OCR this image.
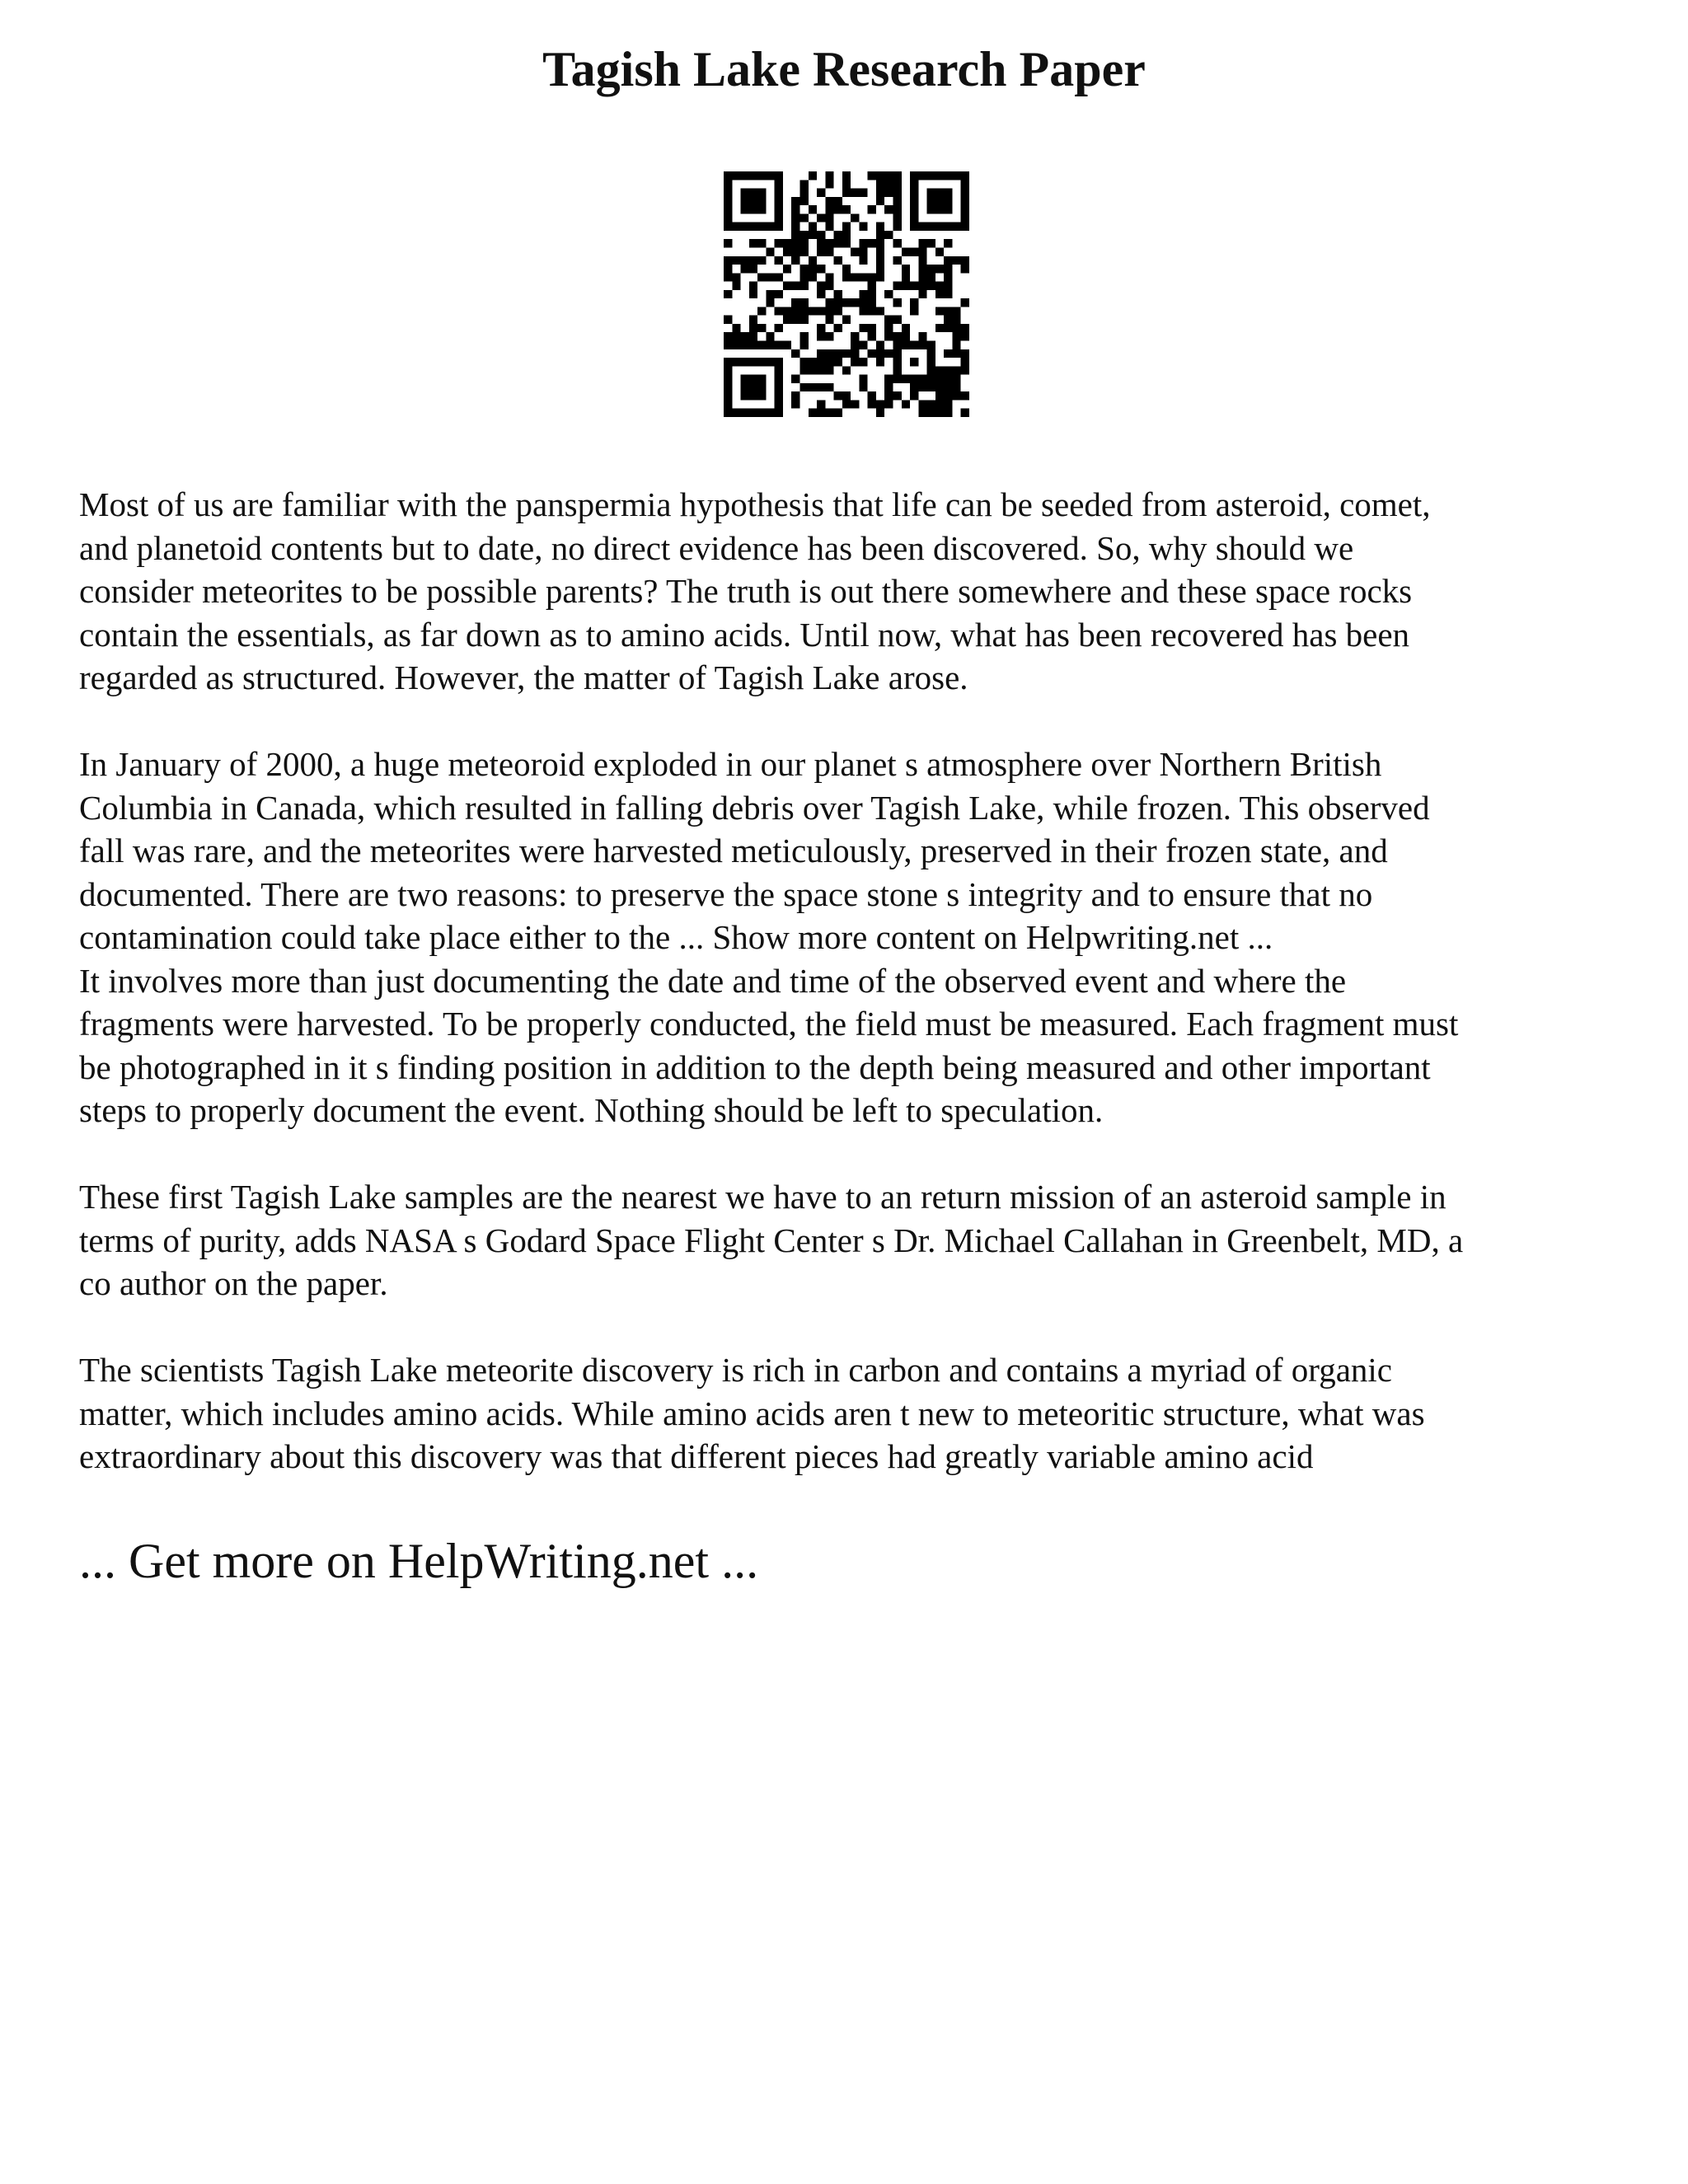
Tagish Lake Research Paper

Most of us are familiar with the panspermia hypothesis that life can be seeded from asteroid, comet,

and planetoid contents but to date, no direct evidence has been discovered. So, why should we

consider meteorites to be possible parents? The truth is out there somewhere and these space rocks

contain the essentials, as far down as to amino acids. Until now, what has been recovered has been

regarded as structured. However, the matter of Tagish Lake arose.

In January of 2000, a huge meteoroid exploded in our planet s atmosphere over Northern British

Columbia in Canada, which resulted in falling debris over Tagish Lake, while frozen. This observed

fall was rare, and the meteorites were harvested meticulously, preserved in their frozen state, and

documented. There are two reasons: to preserve the space stone s integrity and to ensure that no

contamination could take place either to the ... Show more content on Helpwriting.net ...

It involves more than just documenting the date and time of the observed event and where the

fragments were harvested. To be properly conducted, the field must be measured. Each fragment must

be photographed in it s finding position in addition to the depth being measured and other important

steps to properly document the event. Nothing should be left to speculation.

These first Tagish Lake samples are the nearest we have to an return mission of an asteroid sample in

terms of purity, adds NASA s Godard Space Flight Center s Dr. Michael Callahan in Greenbelt, MD, a

co author on the paper.

The scientists Tagish Lake meteorite discovery is rich in carbon and contains a myriad of organic

matter, which includes amino acids. While amino acids aren t new to meteoritic structure, what was

extraordinary about this discovery was that different pieces had greatly variable amino acid

... Get more on HelpWriting.net ...
